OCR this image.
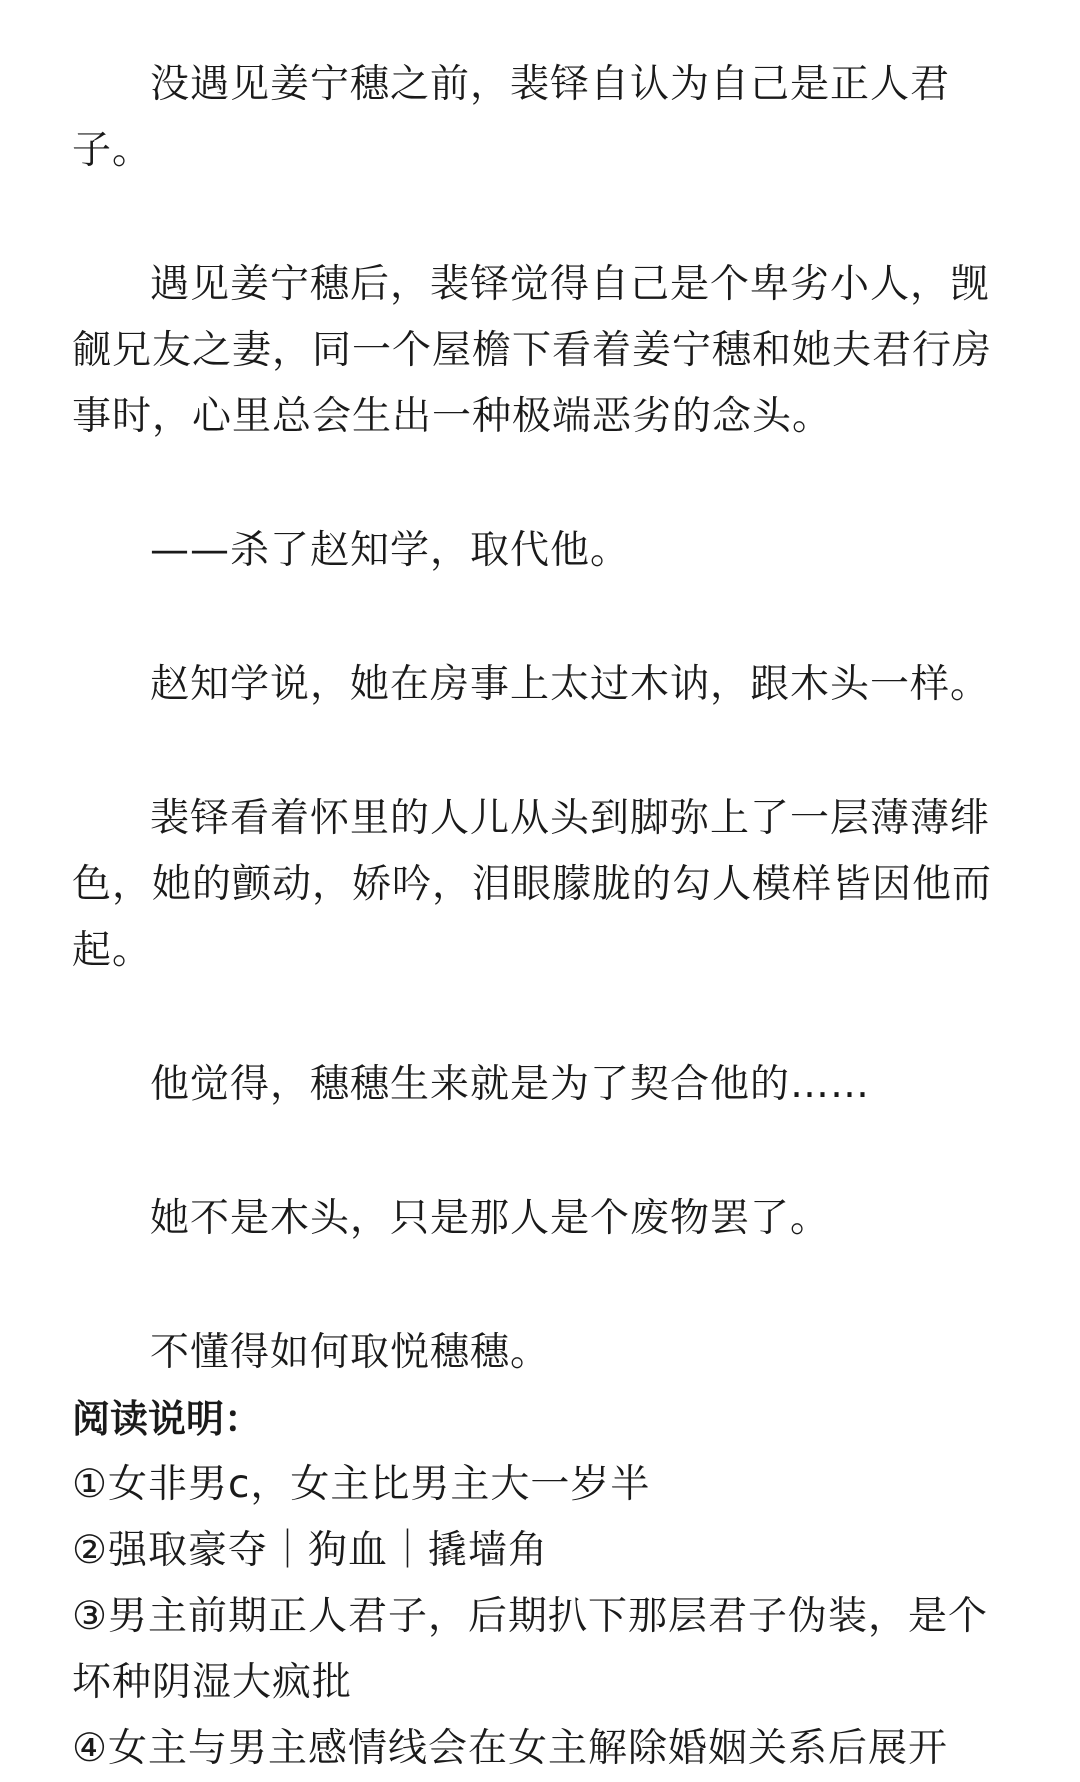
没遇见姜宁穗之前，裴铎自认为自己是正人君子。

遇见姜宁穗后，裴铎觉得自己是个卑劣小人，觊觎兄友之妻，同一个屋檐下看着姜宁穗和她夫君行房事时，心里总会生出一种极端恶劣的念头。

——杀了赵知学，取代他。

赵知学说，她在房事上太过木讷，跟木头一样。

裴铎看着怀里的人儿从头到脚弥上了一层薄薄绯色，她的颤动，娇吟，泪眼朦胧的勾人模样皆因他而起。

他觉得，穗穗生来就是为了契合他的……

她不是木头，只是那人是个废物罢了。

不懂得如何取悦穗穗。

阅读说明：

①女非男c，女主比男主大一岁半

②强取豪夺｜狗血｜撬墙角

③男主前期正人君子，后期扒下那层君子伪装，是个坏种阴湿大疯批

④女主与男主感情线会在女主解除婚姻关系后展开
